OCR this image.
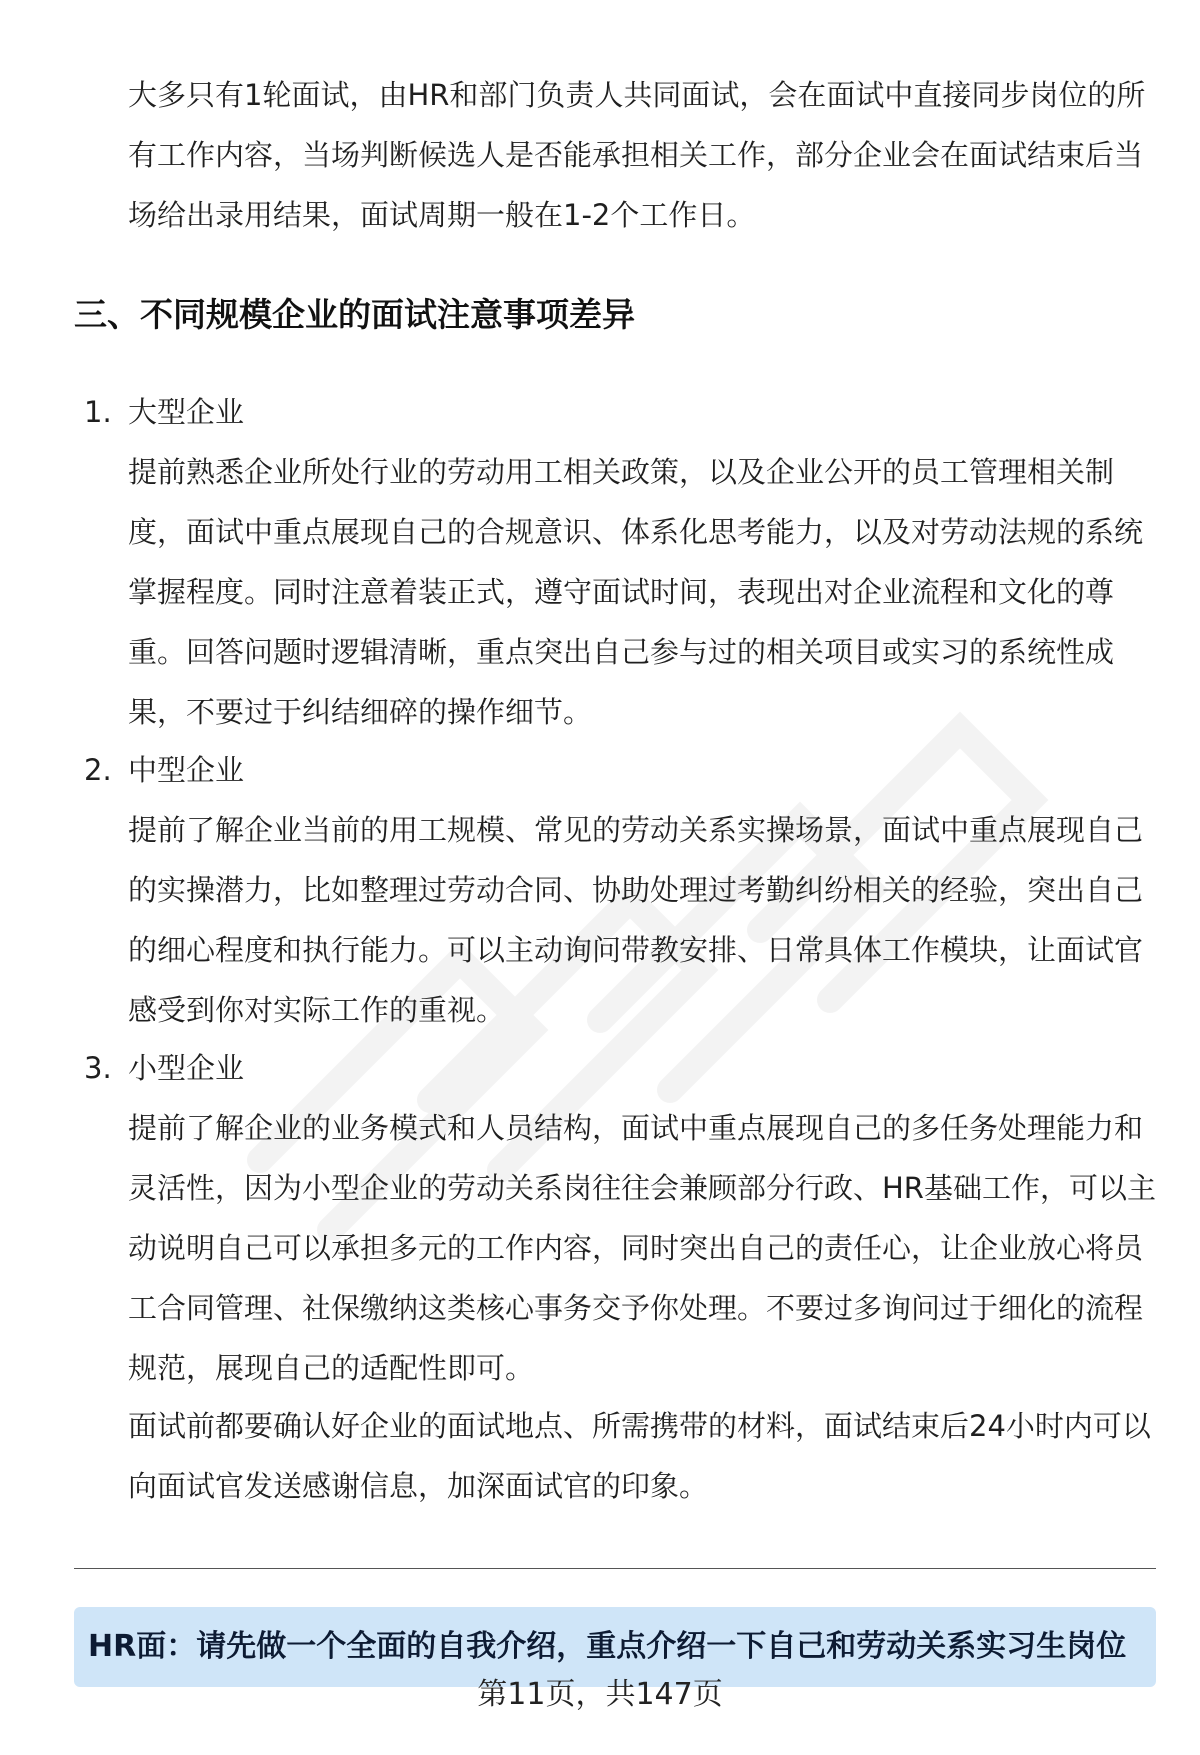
大多只有1轮面试，由HR和部门负责人共同面试，会在面试中直接同步岗位的所有工作内容，当场判断候选人是否能承担相关工作，部分企业会在面试结束后当场给出录用结果，面试周期一般在1-2个工作日。
三、不同规模企业的面试注意事项差异
1. 大型企业
提前熟悉企业所处行业的劳动用工相关政策，以及企业公开的员工管理相关制度，面试中重点展现自己的合规意识、体系化思考能力，以及对劳动法规的系统掌握程度。同时注意着装正式，遵守面试时间，表现出对企业流程和文化的尊重。回答问题时逻辑清晰，重点突出自己参与过的相关项目或实习的系统性成果，不要过于纠结细碎的操作细节。
2. 中型企业
提前了解企业当前的用工规模、常见的劳动关系实操场景，面试中重点展现自己的实操潜力，比如整理过劳动合同、协助处理过考勤纠纷相关的经验，突出自己的细心程度和执行能力。可以主动询问带教安排、日常具体工作模块，让面试官感受到你对实际工作的重视。
3. 小型企业
提前了解企业的业务模式和人员结构，面试中重点展现自己的多任务处理能力和灵活性，因为小型企业的劳动关系岗往往会兼顾部分行政、HR基础工作，可以主动说明自己可以承担多元的工作内容，同时突出自己的责任心，让企业放心将员工合同管理、社保缴纳这类核心事务交予你处理。不要过多询问过于细化的流程规范，展现自己的适配性即可。
面试前都要确认好企业的面试地点、所需携带的材料，面试结束后24小时内可以向面试官发送感谢信息，加深面试官的印象。
HR面：请先做一个全面的自我介绍，重点介绍一下自己和劳动关系实习生岗位
第11页，共147页
